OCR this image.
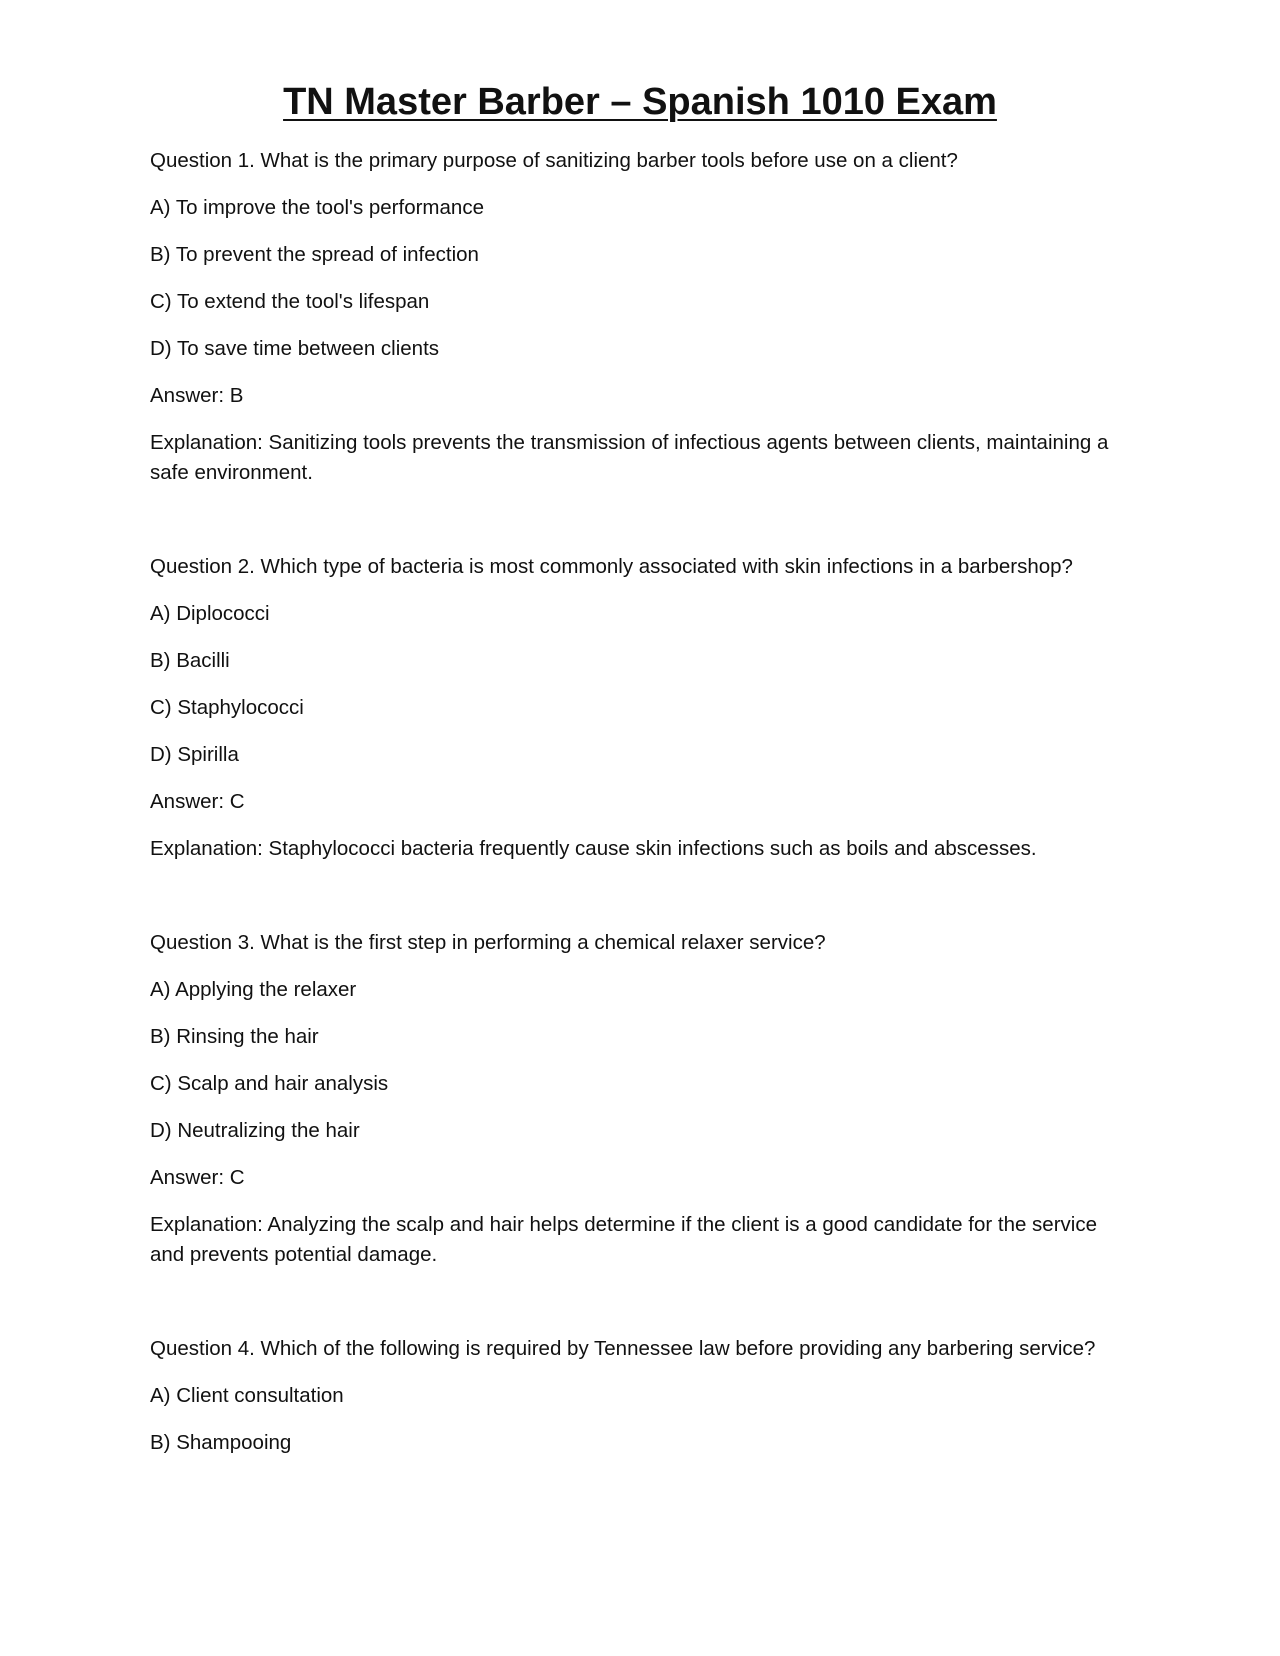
TN Master Barber – Spanish 1010 Exam

Question 1. What is the primary purpose of sanitizing barber tools before use on a client?

A) To improve the tool's performance

B) To prevent the spread of infection

C) To extend the tool's lifespan

D) To save time between clients

Answer: B

Explanation: Sanitizing tools prevents the transmission of infectious agents between clients, maintaining a safe environment.

Question 2. Which type of bacteria is most commonly associated with skin infections in a barbershop?

A) Diplococci

B) Bacilli

C) Staphylococci

D) Spirilla

Answer: C

Explanation: Staphylococci bacteria frequently cause skin infections such as boils and abscesses.

Question 3. What is the first step in performing a chemical relaxer service?

A) Applying the relaxer

B) Rinsing the hair

C) Scalp and hair analysis

D) Neutralizing the hair

Answer: C

Explanation: Analyzing the scalp and hair helps determine if the client is a good candidate for the service and prevents potential damage.

Question 4. Which of the following is required by Tennessee law before providing any barbering service?

A) Client consultation

B) Shampooing
